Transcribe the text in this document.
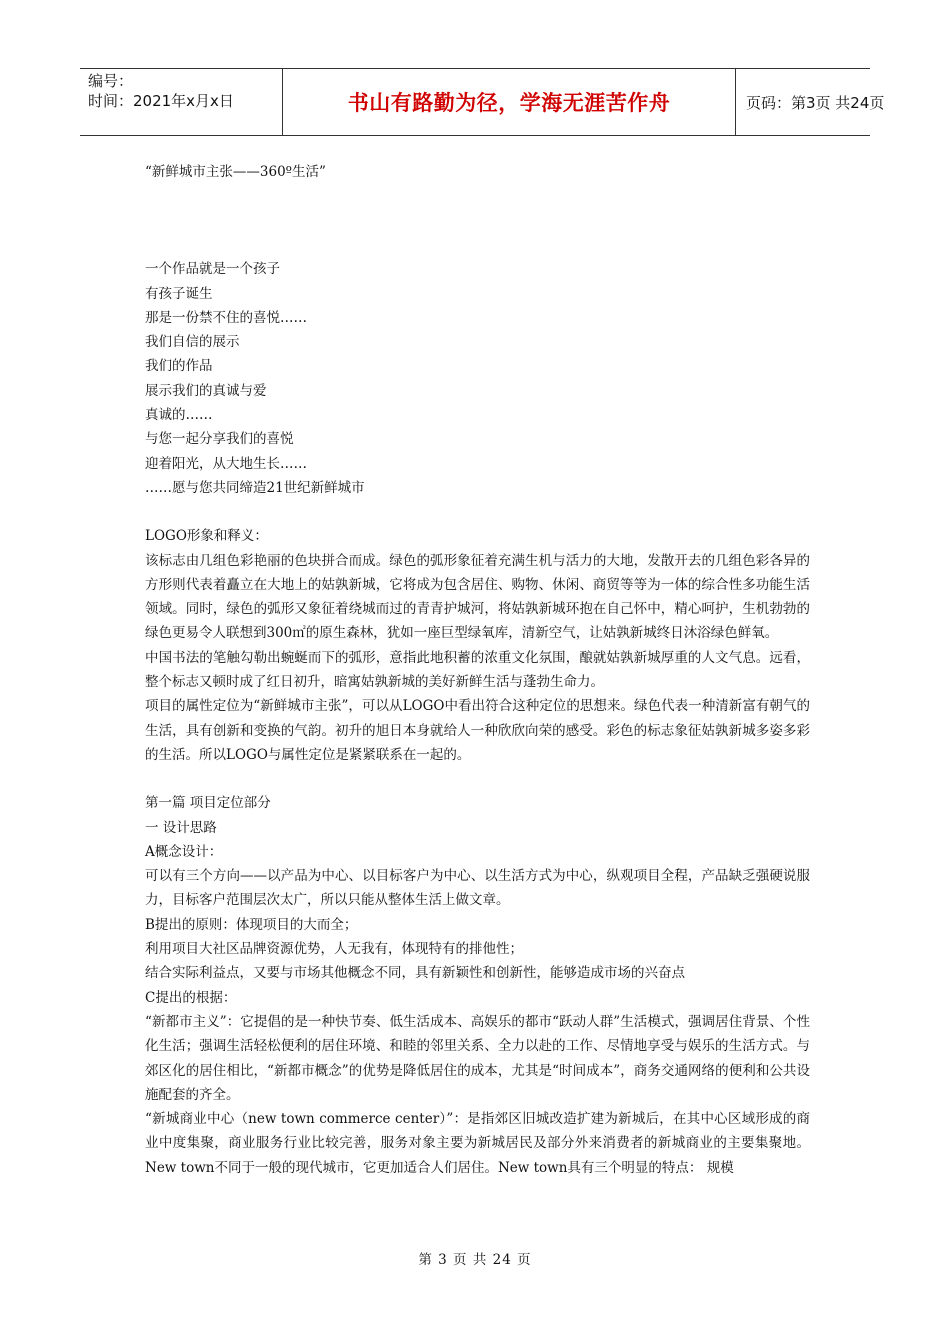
编号：
时间：2021年x月x日	书山有路勤为径，学海无涯苦作舟	页码：第3页 共24页

“新鲜城市主张——360º生活”

一个作品就是一个孩子

有孩子诞生

那是一份禁不住的喜悦……

我们自信的展示

我们的作品

展示我们的真诚与爱

真诚的……

与您一起分享我们的喜悦

迎着阳光，从大地生长……

……愿与您共同缔造21世纪新鲜城市

LOGO形象和释义：

该标志由几组色彩艳丽的色块拼合而成。绿色的弧形象征着充满生机与活力的大地，发散开去的几组色彩各异的方形则代表着矗立在大地上的姑孰新城，它将成为包含居住、购物、休闲、商贸等等为一体的综合性多功能生活领域。同时，绿色的弧形又象征着绕城而过的青青护城河，将姑孰新城环抱在自己怀中，精心呵护，生机勃勃的绿色更易令人联想到300㎡的原生森林，犹如一座巨型绿氧库，清新空气，让姑孰新城终日沐浴绿色鲜氧。

中国书法的笔触勾勒出蜿蜒而下的弧形，意指此地积蓄的浓重文化氛围，酿就姑孰新城厚重的人文气息。远看，整个标志又顿时成了红日初升，暗寓姑孰新城的美好新鲜生活与蓬勃生命力。

项目的属性定位为“新鲜城市主张”，可以从LOGO中看出符合这种定位的思想来。绿色代表一种清新富有朝气的生活，具有创新和变换的气韵。初升的旭日本身就给人一种欣欣向荣的感受。彩色的标志象征姑孰新城多姿多彩的生活。所以LOGO与属性定位是紧紧联系在一起的。

第一篇 项目定位部分

一 设计思路

A概念设计：

可以有三个方向——以产品为中心、以目标客户为中心、以生活方式为中心，纵观项目全程，产品缺乏强硬说服力，目标客户范围层次太广，所以只能从整体生活上做文章。

B提出的原则：体现项目的大而全；

利用项目大社区品牌资源优势，人无我有，体现特有的排他性；

结合实际利益点，又要与市场其他概念不同，具有新颖性和创新性，能够造成市场的兴奋点

C提出的根据：

“新都市主义”：它提倡的是一种快节奏、低生活成本、高娱乐的都市“跃动人群”生活模式，强调居住背景、个性化生活；强调生活轻松便利的居住环境、和睦的邻里关系、全力以赴的工作、尽情地享受与娱乐的生活方式。与郊区化的居住相比，“新都市概念”的优势是降低居住的成本，尤其是“时间成本”，商务交通网络的便利和公共设施配套的齐全。

“新城商业中心（new town commerce center）”：是指郊区旧城改造扩建为新城后，在其中心区域形成的商业中度集聚，商业服务行业比较完善，服务对象主要为新城居民及部分外来消费者的新城商业的主要集聚地。New town不同于一般的现代城市，它更加适合人们居住。New town具有三个明显的特点： 规模

第 3 页 共 24 页
